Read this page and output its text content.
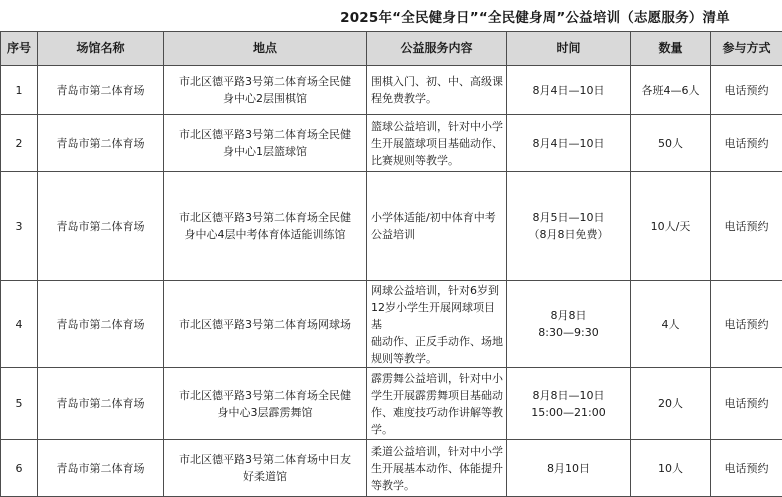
2025年“全民健身日”“全民健身周”公益培训（志愿服务）清单
序号	场馆名称	地点	公益服务内容	时间	数量	参与方式
1	青岛市第二体育场	市北区德平路3号第二体育场全民健
身中心2层围棋馆	围棋入门、初、中、高级课
程免费教学。	8月4日—10日	各班4—6人	电话预约
2	青岛市第二体育场	市北区德平路3号第二体育场全民健
身中心1层篮球馆	篮球公益培训，针对中小学
生开展篮球项目基础动作、
比赛规则等教学。	8月4日—10日	50人	电话预约
3	青岛市第二体育场	市北区德平路3号第二体育场全民健
身中心4层中考体育体适能训练馆	小学体适能/初中体育中考
公益培训	8月5日—10日
（8月8日免费）	10人/天	电话预约
4	青岛市第二体育场	市北区德平路3号第二体育场网球场	网球公益培训，针对6岁到
12岁小学生开展网球项目基
础动作、正反手动作、场地
规则等教学。	8月8日
8:30—9:30	4人	电话预约
5	青岛市第二体育场	市北区德平路3号第二体育场全民健
身中心3层霹雳舞馆	霹雳舞公益培训，针对中小
学生开展霹雳舞项目基础动
作、难度技巧动作讲解等教
学。	8月8日—10日
15:00—21:00	20人	电话预约
6	青岛市第二体育场	市北区德平路3号第二体育场中日友
好柔道馆	柔道公益培训，针对中小学
生开展基本动作、体能提升
等教学。	8月10日	10人	电话预约
